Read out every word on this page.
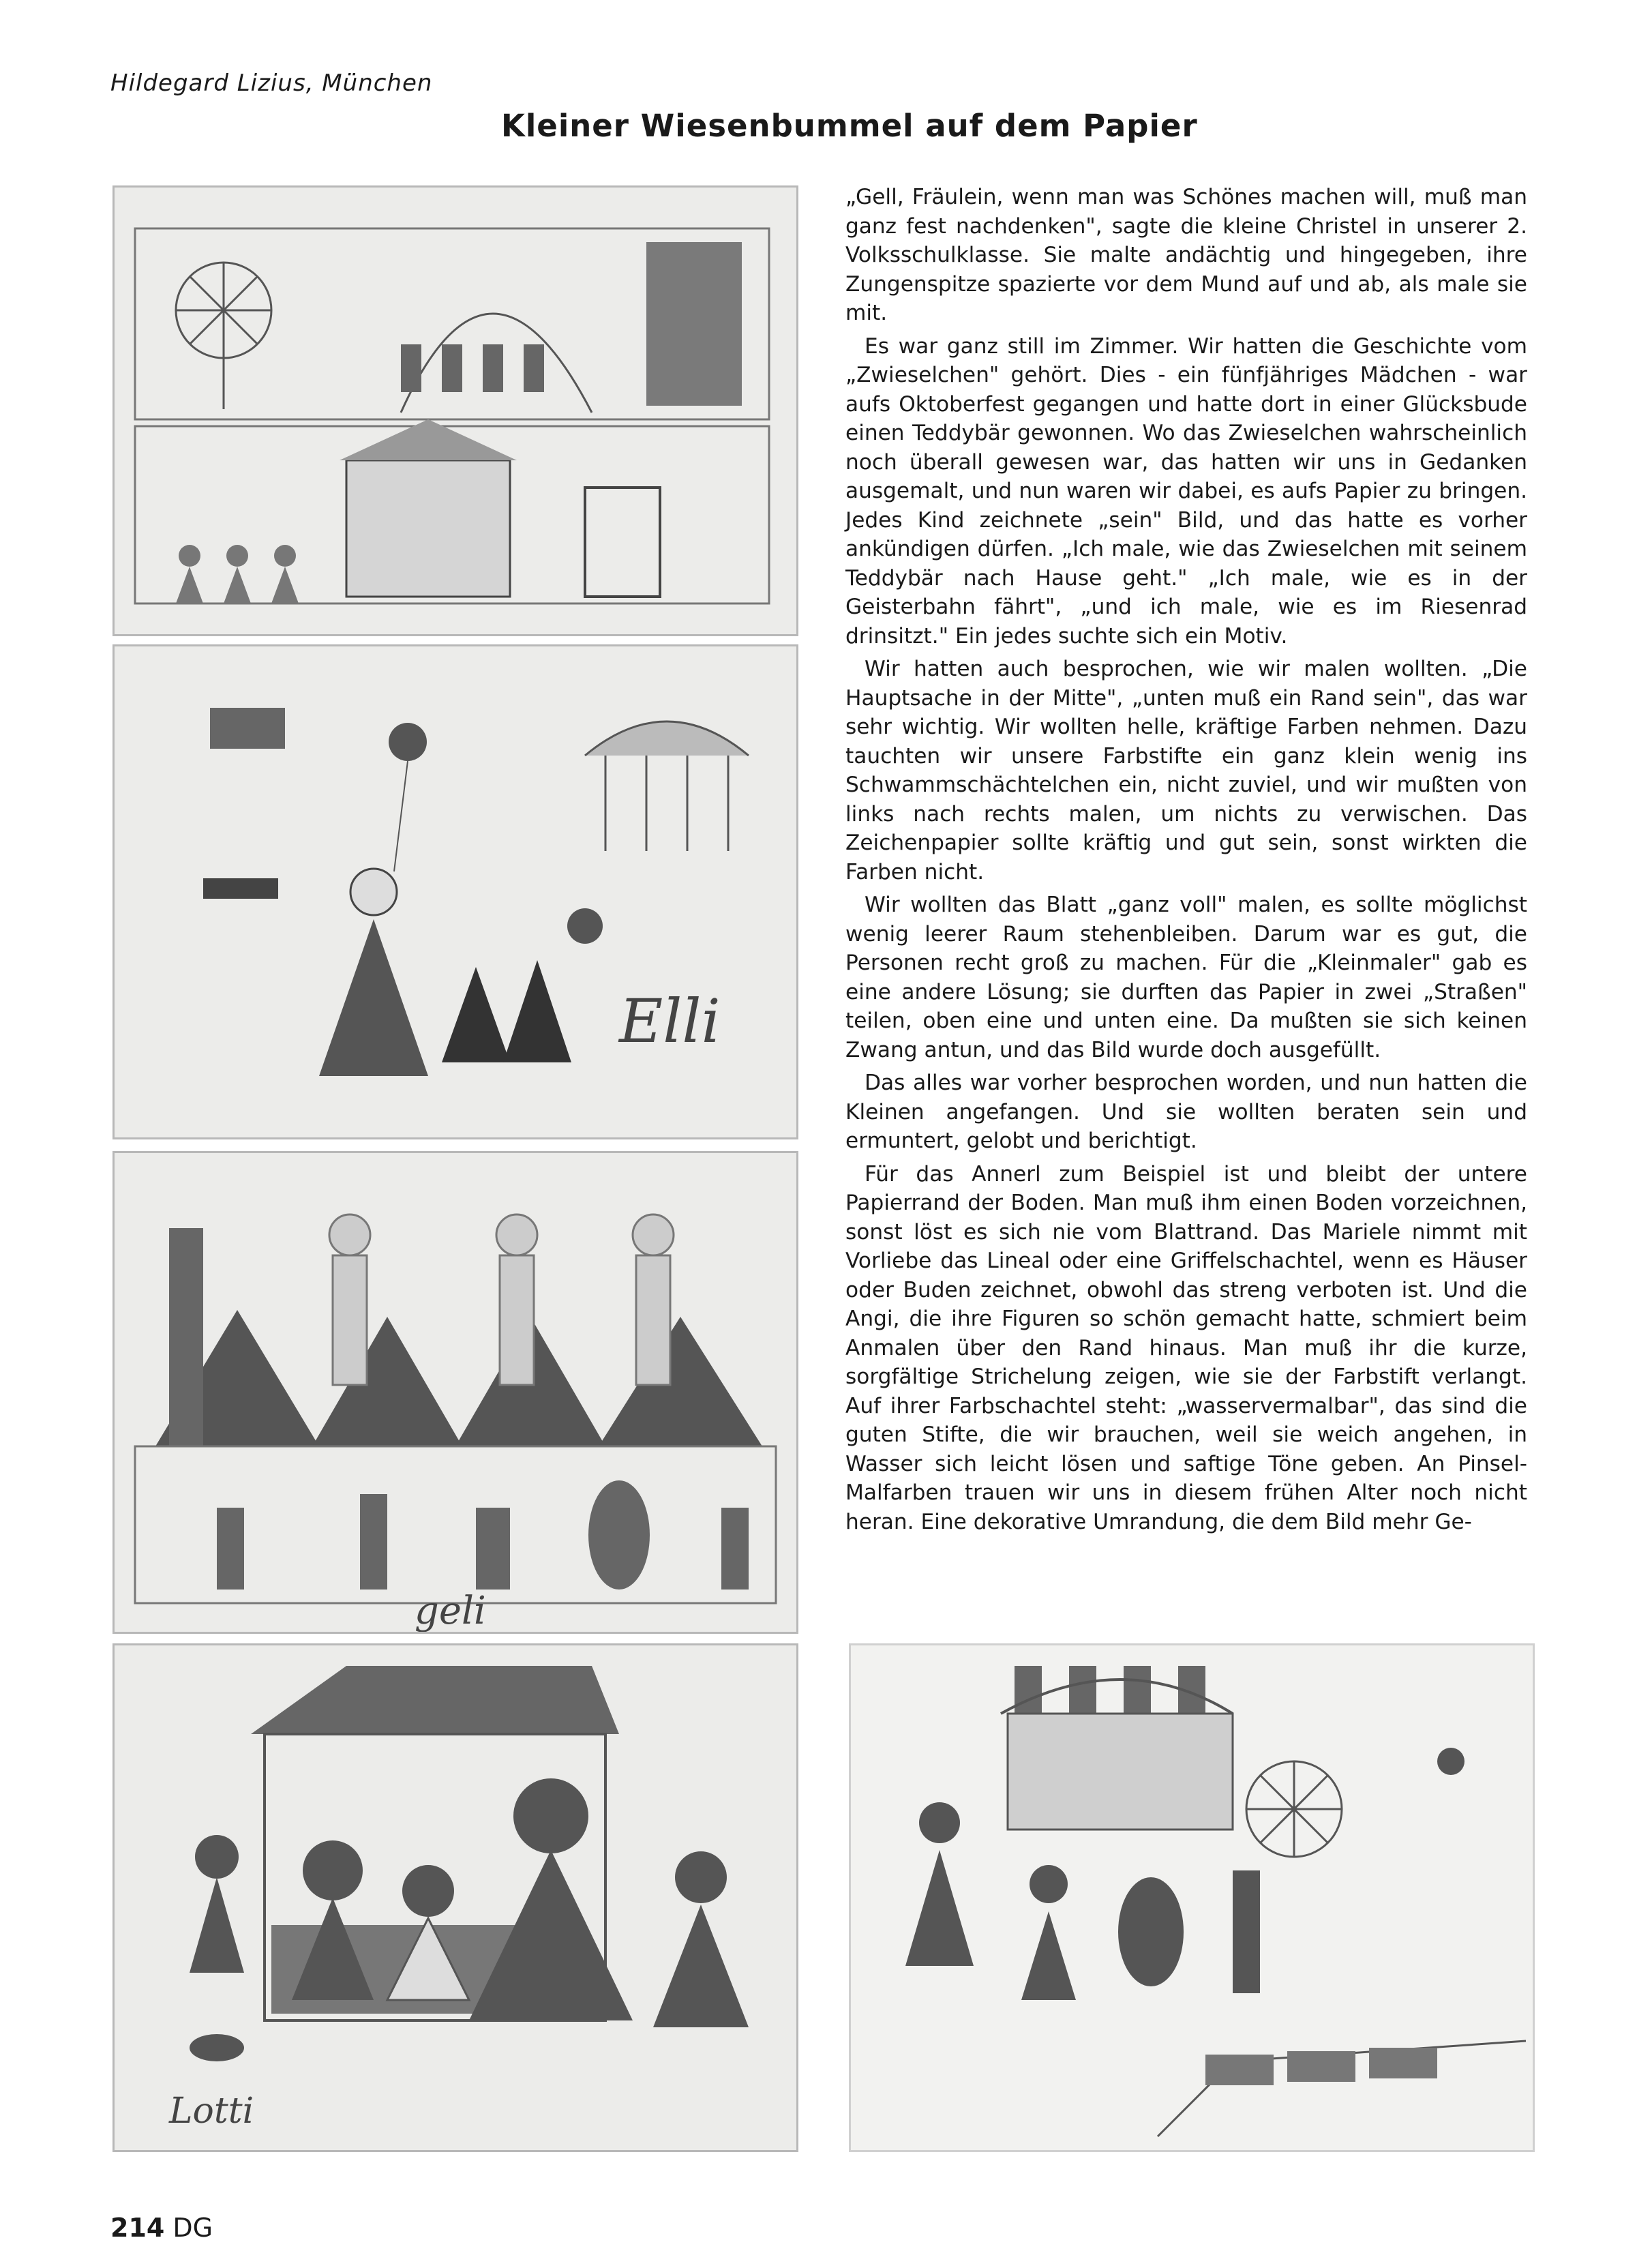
Hildegard Lizius, München
Kleiner Wiesenbummel auf dem Papier
Elli
geli
Lotti

„Gell, Fräulein, wenn man was Schönes machen will, muß man ganz fest nachdenken", sagte die kleine Christel in unserer 2. Volksschulklasse. Sie malte andächtig und hingegeben, ihre Zungenspitze spazierte vor dem Mund auf und ab, als male sie mit.

Es war ganz still im Zimmer. Wir hatten die Geschichte vom „Zwieselchen" gehört. Dies - ein fünfjähriges Mädchen - war aufs Oktoberfest gegangen und hatte dort in einer Glücksbude einen Teddybär gewonnen. Wo das Zwieselchen wahrscheinlich noch überall gewesen war, das hatten wir uns in Gedanken ausgemalt, und nun waren wir dabei, es aufs Papier zu bringen. Jedes Kind zeichnete „sein" Bild, und das hatte es vorher ankündigen dürfen. „Ich male, wie das Zwieselchen mit seinem Teddybär nach Hause geht." „Ich male, wie es in der Geisterbahn fährt", „und ich male, wie es im Riesenrad drinsitzt." Ein jedes suchte sich ein Motiv.

Wir hatten auch besprochen, wie wir malen wollten. „Die Hauptsache in der Mitte", „unten muß ein Rand sein", das war sehr wichtig. Wir wollten helle, kräftige Farben nehmen. Dazu tauchten wir unsere Farbstifte ein ganz klein wenig ins Schwammschächtelchen ein, nicht zuviel, und wir mußten von links nach rechts malen, um nichts zu verwischen. Das Zeichenpapier sollte kräftig und gut sein, sonst wirkten die Farben nicht.

Wir wollten das Blatt „ganz voll" malen, es sollte möglichst wenig leerer Raum stehenbleiben. Darum war es gut, die Personen recht groß zu machen. Für die „Kleinmaler" gab es eine andere Lösung; sie durften das Papier in zwei „Straßen" teilen, oben eine und unten eine. Da mußten sie sich keinen Zwang antun, und das Bild wurde doch ausgefüllt.

Das alles war vorher besprochen worden, und nun hatten die Kleinen angefangen. Und sie wollten beraten sein und ermuntert, gelobt und berichtigt.

Für das Annerl zum Beispiel ist und bleibt der untere Papierrand der Boden. Man muß ihm einen Boden vorzeichnen, sonst löst es sich nie vom Blattrand. Das Mariele nimmt mit Vorliebe das Lineal oder eine Griffelschachtel, wenn es Häuser oder Buden zeichnet, obwohl das streng verboten ist. Und die Angi, die ihre Figuren so schön gemacht hatte, schmiert beim Anmalen über den Rand hinaus. Man muß ihr die kurze, sorgfältige Strichelung zeigen, wie sie der Farbstift verlangt. Auf ihrer Farbschachtel steht: „wasservermalbar", das sind die guten Stifte, die wir brauchen, weil sie weich angehen, in Wasser sich leicht lösen und saftige Töne geben. An Pinsel-Malfarben trauen wir uns in diesem frühen Alter noch nicht heran. Eine dekorative Umrandung, die dem Bild mehr Ge-

214 DG
